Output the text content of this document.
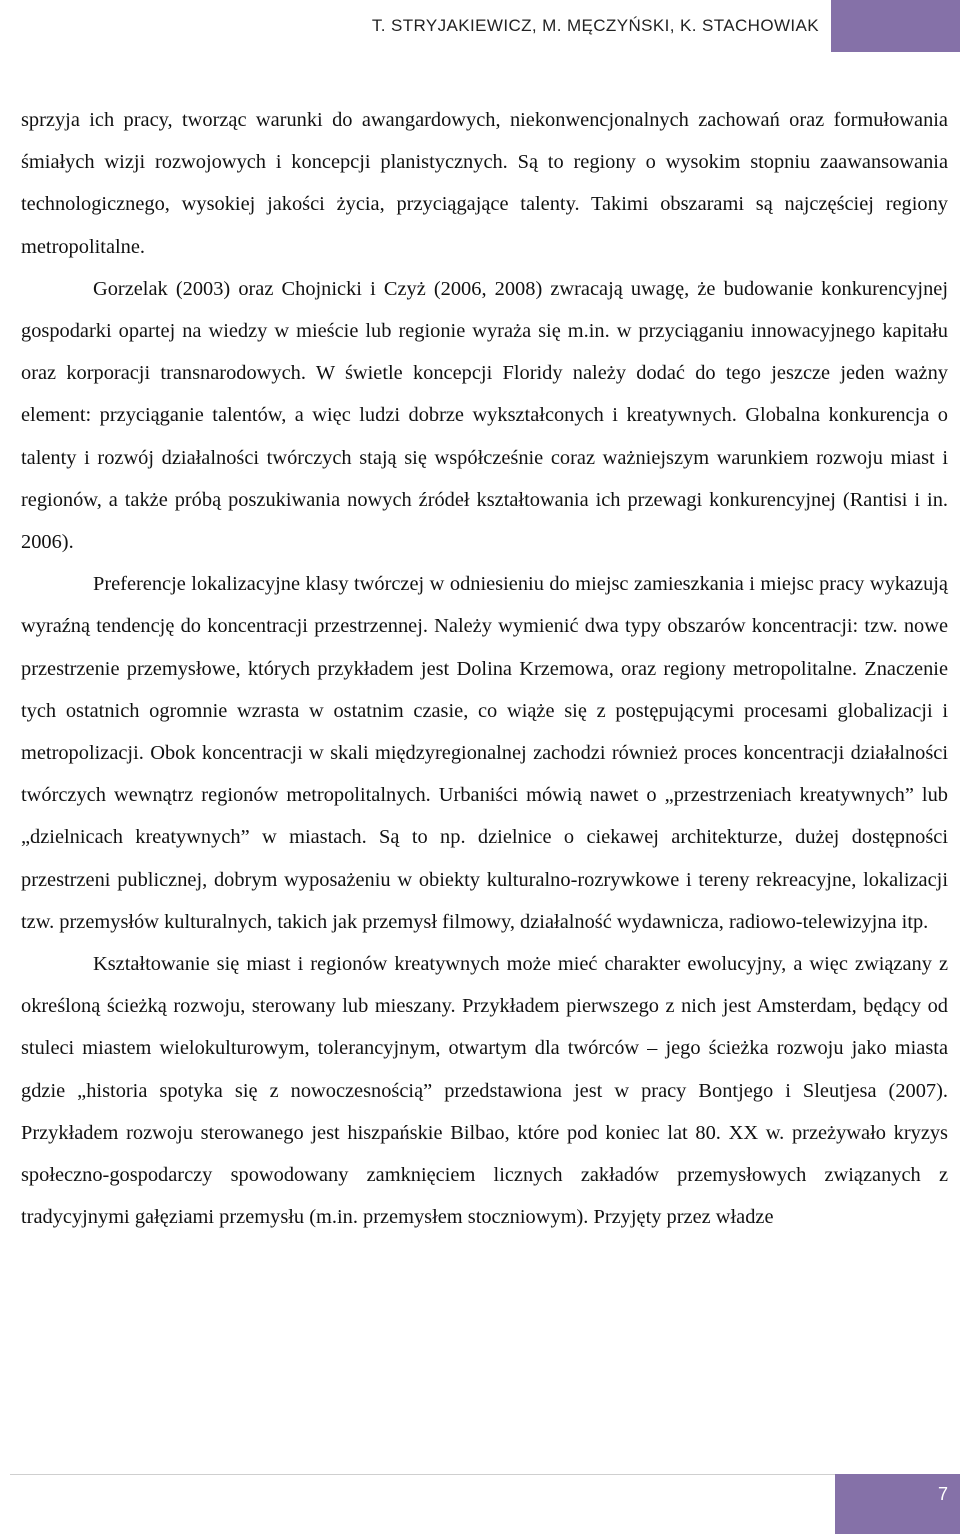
T. STRYJAKIEWICZ, M. MĘCZYŃSKI, K. STACHOWIAK

sprzyja ich pracy, tworząc warunki do awangardowych, niekonwencjonalnych zachowań oraz formułowania śmiałych wizji rozwojowych i koncepcji planistycznych. Są to regiony o wysokim stopniu zaawansowania technologicznego, wysokiej jakości życia, przyciągające talenty. Takimi obszarami są najczęściej regiony metropolitalne.

Gorzelak (2003) oraz Chojnicki i Czyż (2006, 2008) zwracają uwagę, że budowanie konkurencyjnej gospodarki opartej na wiedzy w mieście lub regionie wyraża się m.in. w przyciąganiu innowacyjnego kapitału oraz korporacji transnarodowych. W świetle koncepcji Floridy należy dodać do tego jeszcze jeden ważny element: przyciąganie talentów, a więc ludzi dobrze wykształconych i kreatywnych. Globalna konkurencja o talenty i rozwój działalności twórczych stają się współcześnie coraz ważniejszym warunkiem rozwoju miast i regionów, a także próbą poszukiwania nowych źródeł kształtowania ich przewagi konkurencyjnej (Rantisi i in. 2006).

Preferencje lokalizacyjne klasy twórczej w odniesieniu do miejsc zamieszkania i miejsc pracy wykazują wyraźną tendencję do koncentracji przestrzennej. Należy wymienić dwa typy obszarów koncentracji: tzw. nowe przestrzenie przemysłowe, których przykładem jest Dolina Krzemowa, oraz regiony metropolitalne. Znaczenie tych ostatnich ogromnie wzrasta w ostatnim czasie, co wiąże się z postępującymi procesami globalizacji i metropolizacji. Obok koncentracji w skali międzyregionalnej zachodzi również proces koncentracji działalności twórczych wewnątrz regionów metropolitalnych. Urbaniści mówią nawet o „przestrzeniach kreatywnych” lub „dzielnicach kreatywnych” w miastach. Są to np. dzielnice o ciekawej architekturze, dużej dostępności przestrzeni publicznej, dobrym wyposażeniu w obiekty kulturalno-rozrywkowe i tereny rekreacyjne, lokalizacji tzw. przemysłów kulturalnych, takich jak przemysł filmowy, działalność wydawnicza, radiowo-telewizyjna itp.

Kształtowanie się miast i regionów kreatywnych może mieć charakter ewolucyjny, a więc związany z określoną ścieżką rozwoju, sterowany lub mieszany. Przykładem pierwszego z nich jest Amsterdam, będący od stuleci miastem wielokulturowym, tolerancyjnym, otwartym dla twórców – jego ścieżka rozwoju jako miasta gdzie „historia spotyka się z nowoczesnością” przedstawiona jest w pracy Bontjego i Sleutjesa (2007). Przykładem rozwoju sterowanego jest hiszpańskie Bilbao, które pod koniec lat 80. XX w. przeżywało kryzys społeczno-gospodarczy spowodowany zamknięciem licznych zakładów przemysłowych związanych z tradycyjnymi gałęziami przemysłu (m.in. przemysłem stoczniowym). Przyjęty przez władze

7
